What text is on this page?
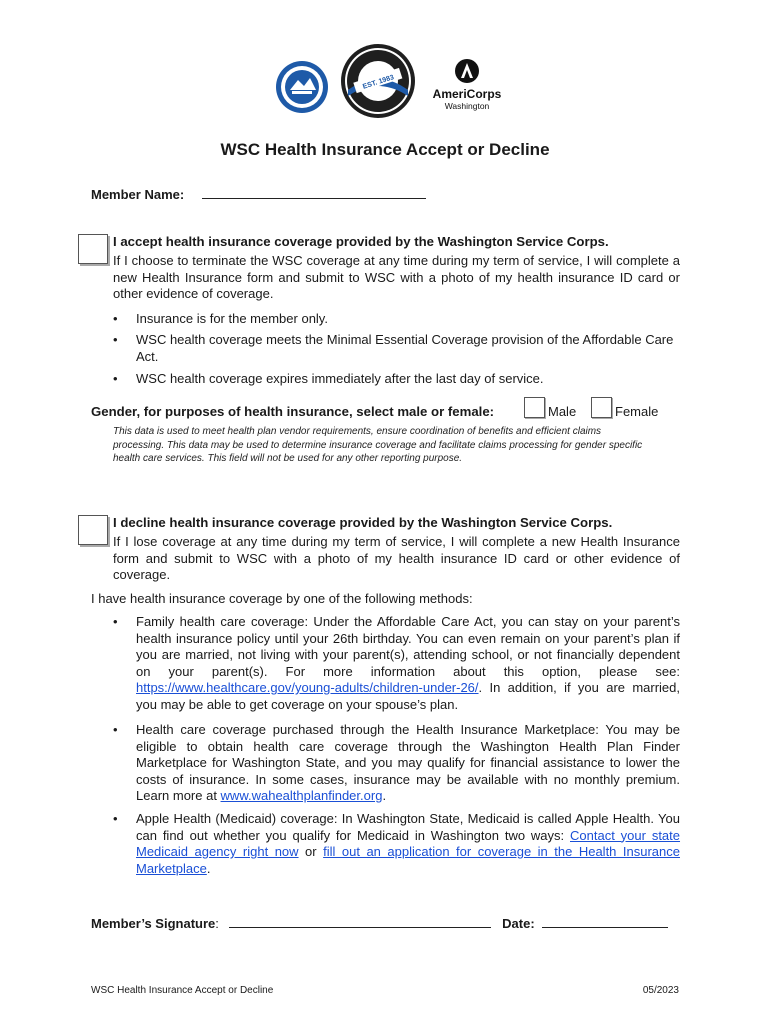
EST. 1983
AmeriCorps
Washington
WSC Health Insurance Accept or Decline
Member Name:
I accept health insurance coverage provided by the Washington Service Corps.
If I choose to terminate the WSC coverage at any time during my term of service, I will complete a new Health Insurance form and submit to WSC with a photo of my health insurance ID card or other evidence of coverage.
• Insurance is for the member only.
• WSC health coverage meets the Minimal Essential Coverage provision of the Affordable Care Act.
• WSC health coverage expires immediately after the last day of service.
Gender, for purposes of health insurance, select male or female:	Male	Female
This data is used to meet health plan vendor requirements, ensure coordination of benefits and efficient claims processing. This data may be used to determine insurance coverage and facilitate claims processing for gender specific health care services. This field will not be used for any other reporting purpose.
I decline health insurance coverage provided by the Washington Service Corps.
If I lose coverage at any time during my term of service, I will complete a new Health Insurance form and submit to WSC with a photo of my health insurance ID card or other evidence of coverage.
I have health insurance coverage by one of the following methods:
• Family health care coverage: Under the Affordable Care Act, you can stay on your parent’s health insurance policy until your 26th birthday. You can even remain on your parent’s plan if you are married, not living with your parent(s), attending school, or not financially dependent on your parent(s). For more information about this option, please see: https://www.healthcare.gov/young-adults/children-under-26/. In addition, if you are married, you may be able to get coverage on your spouse’s plan.
• Health care coverage purchased through the Health Insurance Marketplace: You may be eligible to obtain health care coverage through the Washington Health Plan Finder Marketplace for Washington State, and you may qualify for financial assistance to lower the costs of insurance. In some cases, insurance may be available with no monthly premium. Learn more at www.wahealthplanfinder.org.
• Apple Health (Medicaid) coverage: In Washington State, Medicaid is called Apple Health. You can find out whether you qualify for Medicaid in Washington two ways: Contact your state Medicaid agency right now or fill out an application for coverage in the Health Insurance Marketplace.
Member’s Signature:	Date:
WSC Health Insurance Accept or Decline	05/2023
